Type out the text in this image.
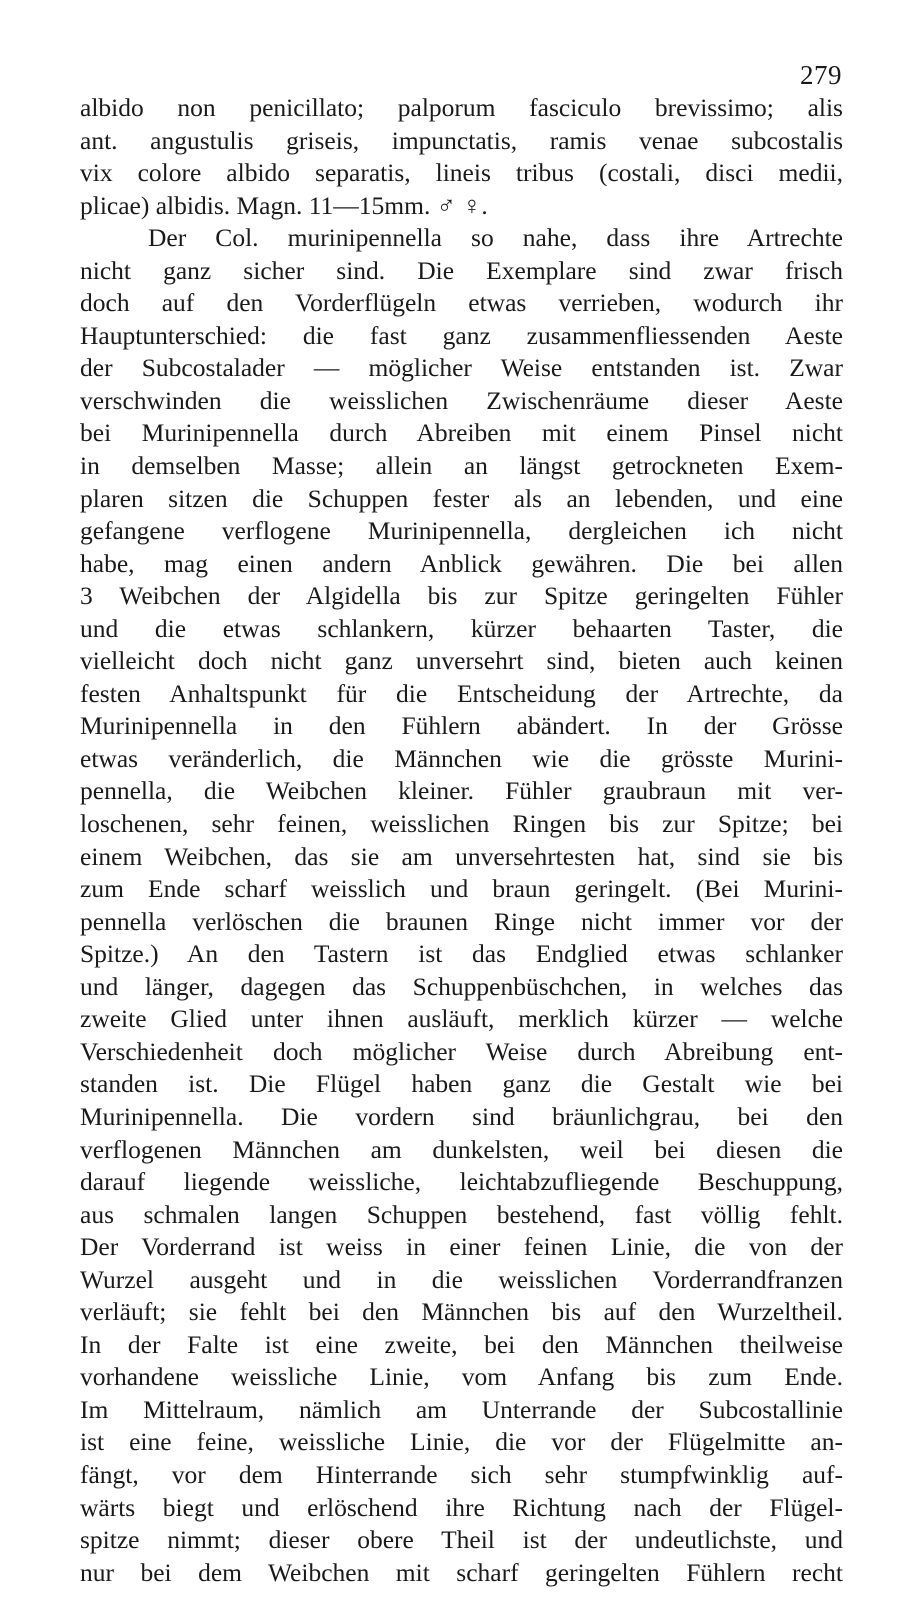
279
albido non penicillato; palporum fasciculo brevissimo; alis
ant. angustulis griseis, impunctatis, ramis venae subcostalis
vix colore albido separatis, lineis tribus (costali, disci medii,
plicae) albidis. Magn. 11—15mm. ♂ ♀.
Der Col. murinipennella so nahe, dass ihre Artrechte
nicht ganz sicher sind. Die Exemplare sind zwar frisch
doch auf den Vorderflügeln etwas verrieben, wodurch ihr
Hauptunterschied: die fast ganz zusammenfliessenden Aeste
der Subcostalader — möglicher Weise entstanden ist. Zwar
verschwinden die weisslichen Zwischenräume dieser Aeste
bei Murinipennella durch Abreiben mit einem Pinsel nicht
in demselben Masse; allein an längst getrockneten Exem-
plaren sitzen die Schuppen fester als an lebenden, und eine
gefangene verflogene Murinipennella, dergleichen ich nicht
habe, mag einen andern Anblick gewähren. Die bei allen
3 Weibchen der Algidella bis zur Spitze geringelten Fühler
und die etwas schlankern, kürzer behaarten Taster, die
vielleicht doch nicht ganz unversehrt sind, bieten auch keinen
festen Anhaltspunkt für die Entscheidung der Artrechte, da
Murinipennella in den Fühlern abändert. In der Grösse
etwas veränderlich, die Männchen wie die grösste Murini-
pennella, die Weibchen kleiner. Fühler graubraun mit ver-
loschenen, sehr feinen, weisslichen Ringen bis zur Spitze; bei
einem Weibchen, das sie am unversehrtesten hat, sind sie bis
zum Ende scharf weisslich und braun geringelt. (Bei Murini-
pennella verlöschen die braunen Ringe nicht immer vor der
Spitze.) An den Tastern ist das Endglied etwas schlanker
und länger, dagegen das Schuppenbüschchen, in welches das
zweite Glied unter ihnen ausläuft, merklich kürzer — welche
Verschiedenheit doch möglicher Weise durch Abreibung ent-
standen ist. Die Flügel haben ganz die Gestalt wie bei
Murinipennella. Die vordern sind bräunlichgrau, bei den
verflogenen Männchen am dunkelsten, weil bei diesen die
darauf liegende weissliche, leichtabzufliegende Beschuppung,
aus schmalen langen Schuppen bestehend, fast völlig fehlt.
Der Vorderrand ist weiss in einer feinen Linie, die von der
Wurzel ausgeht und in die weisslichen Vorderrandfranzen
verläuft; sie fehlt bei den Männchen bis auf den Wurzeltheil.
In der Falte ist eine zweite, bei den Männchen theilweise
vorhandene weissliche Linie, vom Anfang bis zum Ende.
Im Mittelraum, nämlich am Unterrande der Subcostallinie
ist eine feine, weissliche Linie, die vor der Flügelmitte an-
fängt, vor dem Hinterrande sich sehr stumpfwinklig auf-
wärts biegt und erlöschend ihre Richtung nach der Flügel-
spitze nimmt; dieser obere Theil ist der undeutlichste, und
nur bei dem Weibchen mit scharf geringelten Fühlern recht
